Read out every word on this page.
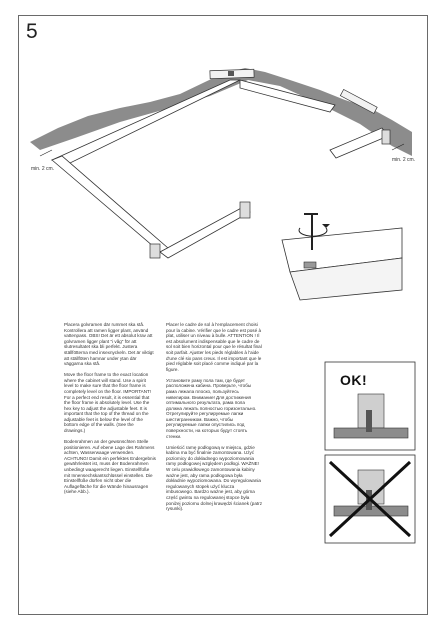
5
min. 2 cm.
min. 2 cm.
OK!

Placera golvramen där rummet ska stå. Kontrollera att ramen ligger plant, använd vattenpass. OBS! Det är ett absolut krav att golvramen ligger plant "i våg" för att slutresultatet ska bli perfekt. Justera ställfötterna med insexnyckeln. Det är viktigt att ställföten hamnar under ytan där väggarna ska stå.

Move the floor frame to the exact location where the cabinet will stand. Use a spirit level to make sure that the floor frame is completely level on the floor. IMPORTANT! For a perfect end result, it is essential that the floor frame is absolutely level. Use the hex key to adjust the adjustable feet. It is important that the top of the thread on the adjustable feet is below the level of the bottom edge of the walls. (See the drawings.)

Bodenrahmen an der gewünschten Stelle positionieren. Auf ebene Lage des Rahmens achten, Wasserwaage verwenden. ACHTUNG! Damit ein perfektes Endergebnis gewährleistet ist, muss der Bodenrahmen unbedingt waagerecht liegen. Einstellfüße mit Innensechskantschlüssel einstellen. Die Einstellfüße dürfen nicht über die Auflagefläche für die Wände hinausragen (siehe Abb.).

Placer le cadre de sol à l'emplacement choisi pour la cabine. Vérifier que le cadre est posé à plat, utiliser un niveau à bulle. ATTENTION ! Il est absolument indispensable que le cadre de sol soit bien horizontal pour que le résultat final soit parfait. Ajuster les pieds réglables à l'aide d'une clé six pans creux. Il est important que le pied réglable soit placé comme indiqué par la figure.

Установите раму пола там, где будет расположена кабина. Проверьте, чтобы рама лежала плоско, пользуйтесь нивелиром. Внимание! Для достижения оптимального результата, рама пола должна лежать полностью горизонтально. Отрегулируйте регулируемые лапки шестигранником. Важно, чтобы регулируемые лапки опустились под поверхности, на которых будут стоять стенки.

Umieścić ramę podłogową w miejscu, gdzie kabina ma być finalnie zamontowana. Użyć poziomicy do dokładnego wypoziomowania ramy podłogowej względem podłogi. WAŻNE! W celu prawidłowego zamontowania kabiny ważne jest, aby rama podłogowa była dokładnie wypoziomowana. Do wyregulowania regulowanych stopek użyć klucza imbusowego. Bardzo ważne jest, aby górna część gwintu na regulowanej stopce była poniżej poziomu dolnej krawędzi ścianek (patrz rysunki).
